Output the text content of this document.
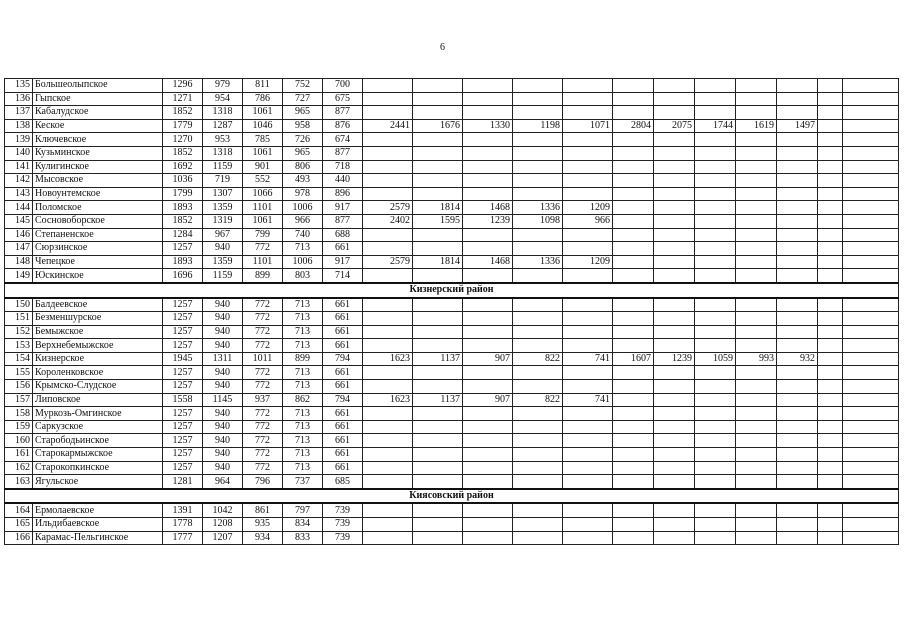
6
135	Большеолыпское	1296	979	811	752	700												
136	Гыпское	1271	954	786	727	675												
137	Кабалудское	1852	1318	1061	965	877												
138	Кеское	1779	1287	1046	958	876	2441	1676	1330	1198	1071	2804	2075	1744	1619	1497		
139	Ключевское	1270	953	785	726	674												
140	Кузьминское	1852	1318	1061	965	877												
141	Кулигинское	1692	1159	901	806	718												
142	Мысовское	1036	719	552	493	440												
143	Новоунтемское	1799	1307	1066	978	896												
144	Поломское	1893	1359	1101	1006	917	2579	1814	1468	1336	1209							
145	Сосновоборское	1852	1319	1061	966	877	2402	1595	1239	1098	966							
146	Степаненское	1284	967	799	740	688												
147	Сюрзинское	1257	940	772	713	661												
148	Чепецкое	1893	1359	1101	1006	917	2579	1814	1468	1336	1209							
149	Юскинское	1696	1159	899	803	714												
Кизнерский район																		
150	Балдеевское	1257	940	772	713	661												
151	Безменшурское	1257	940	772	713	661												
152	Бемыжское	1257	940	772	713	661												
153	Верхнебемыжское	1257	940	772	713	661												
154	Кизнерское	1945	1311	1011	899	794	1623	1137	907	822	741	1607	1239	1059	993	932		
155	Короленковское	1257	940	772	713	661												
156	Крымско-Слудское	1257	940	772	713	661												
157	Липовское	1558	1145	937	862	794	1623	1137	907	822	741							
158	Муркозь-Омгинское	1257	940	772	713	661												
159	Саркузское	1257	940	772	713	661												
160	Старободьинское	1257	940	772	713	661												
161	Старокармыжское	1257	940	772	713	661												
162	Старокопкинское	1257	940	772	713	661												
163	Ягульское	1281	964	796	737	685												
Киясовский район																		
164	Ермолаевское	1391	1042	861	797	739												
165	Ильдибаевское	1778	1208	935	834	739												
166	Карамас-Пельгинское	1777	1207	934	833	739												
